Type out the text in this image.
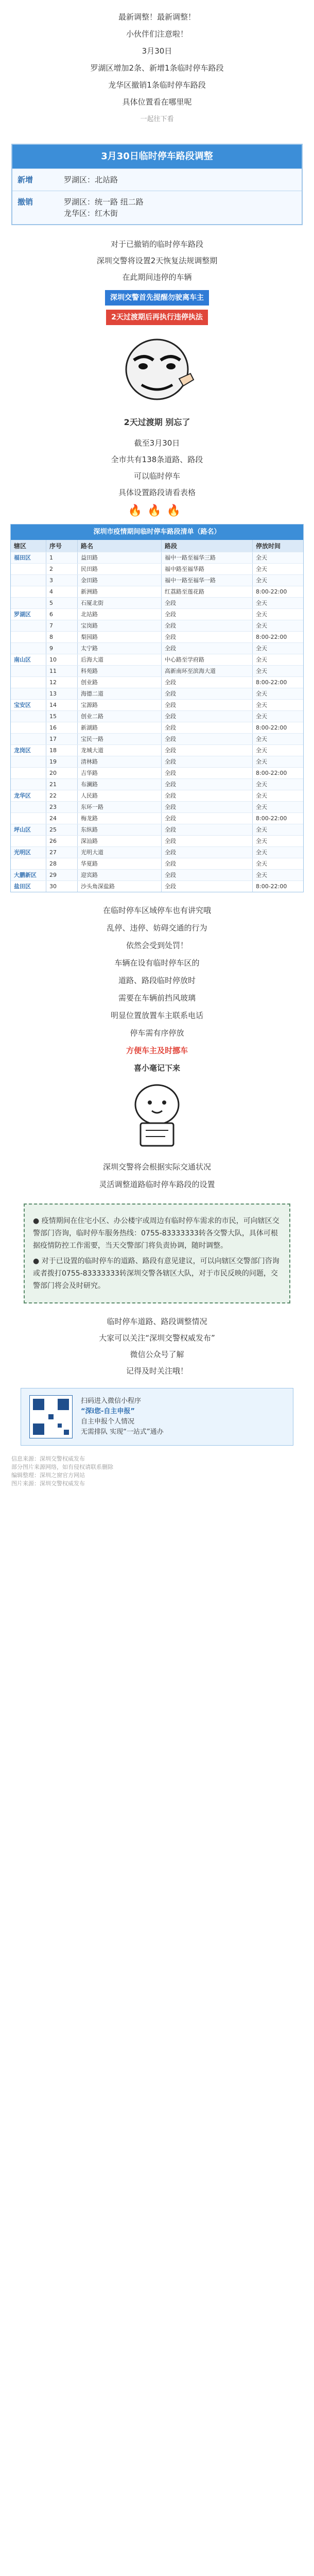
最新调整！最新调整！
小伙伴们注意啦！
3月30日
罗湖区增加2条、新增1条临时停车路段
龙华区撤销1条临时停车路段
具体位置看在哪里呢
一起往下看
3月30日临时停车路段调整
新增	罗湖区：北站路
撤销	罗湖区：统一路 纽二路
龙华区：红木街
对于已撤销的临时停车路段
深圳交警将设置2天恢复法规调整期
在此期间违停的车辆
深圳交警首先提醒勿驶离车主
2天过渡期后再执行违停执法
2天过渡期 别忘了
截至3月30日
全市共有138条道路、路段
可以临时停车
具体设置路段请看表格
🔥🔥🔥
深圳市疫情期间临时停车路段清单（路名）
辖区	序号	路名	路段	停放时间
福田区	1	益田路	福中一路至福华三路	全天
2	民田路	福中路至福华路	全天
3	金田路	福中一路至福华一路	全天
4	新洲路	红荔路至莲花路	8:00-22:00
5	石厦北街	全段	全天
罗湖区	6	北站路	全段	全天
7	宝岗路	全段	全天
8	梨园路	全段	8:00-22:00
9	太宁路	全段	全天
南山区	10	后海大道	中心路至学府路	全天
11	科苑路	高新南环至滨海大道	全天
12	创业路	全段	8:00-22:00
13	海德二道	全段	全天
宝安区	14	宝源路	全段	全天
15	创业二路	全段	全天
16	新湖路	全段	8:00-22:00
17	宝民一路	全段	全天
龙岗区	18	龙城大道	全段	全天
19	清林路	全段	全天
20	吉华路	全段	8:00-22:00
21	布澜路	全段	全天
龙华区	22	人民路	全段	全天
23	东环一路	全段	全天
24	梅龙路	全段	8:00-22:00
坪山区	25	东纵路	全段	全天
26	深汕路	全段	全天
光明区	27	光明大道	全段	全天
28	华夏路	全段	全天
大鹏新区	29	迎宾路	全段	全天
盐田区	30	沙头角深盐路	全段	8:00-22:00
在临时停车区域停车也有讲究哦
乱停、违停、妨碍交通的行为
依然会受到处罚！
车辆在设有临时停车区的
道路、路段临时停放时
需要在车辆前挡风玻璃
明显位置放置车主联系电话
停车需有序停放
方便车主及时挪车
喜小毫记下来
深圳交警将会根据实际交通状况
灵活调整道路临时停车路段的设置

● 疫情期间在住宅小区、办公楼宇或周边有临时停车需求的市民，可向辖区交警部门咨询，临时停车服务热线：0755-83333333转各交警大队，具体可根据疫情防控工作需要，当天交警部门将负责协调，随时调整。

● 对于已设置的临时停车的道路、路段有意见建议，可以向辖区交警部门咨询或者拨打0755-83333333转深圳交警各辖区大队，对于市民反映的问题，交警部门将会及时研究。

临时停车道路、路段调整情况
大家可以关注“深圳交警权威发布”
微信公众号了解
记得及时关注哦！
扫码进入微信小程序
“深i您-自主申报”
自主申报个人情况
无需排队 实现“一站式”通办
信息来源：深圳交警权威发布
部分图片来源网络，如有侵权请联系删除
编辑整理：深圳之窗官方网站
图片来源：深圳交警权威发布
